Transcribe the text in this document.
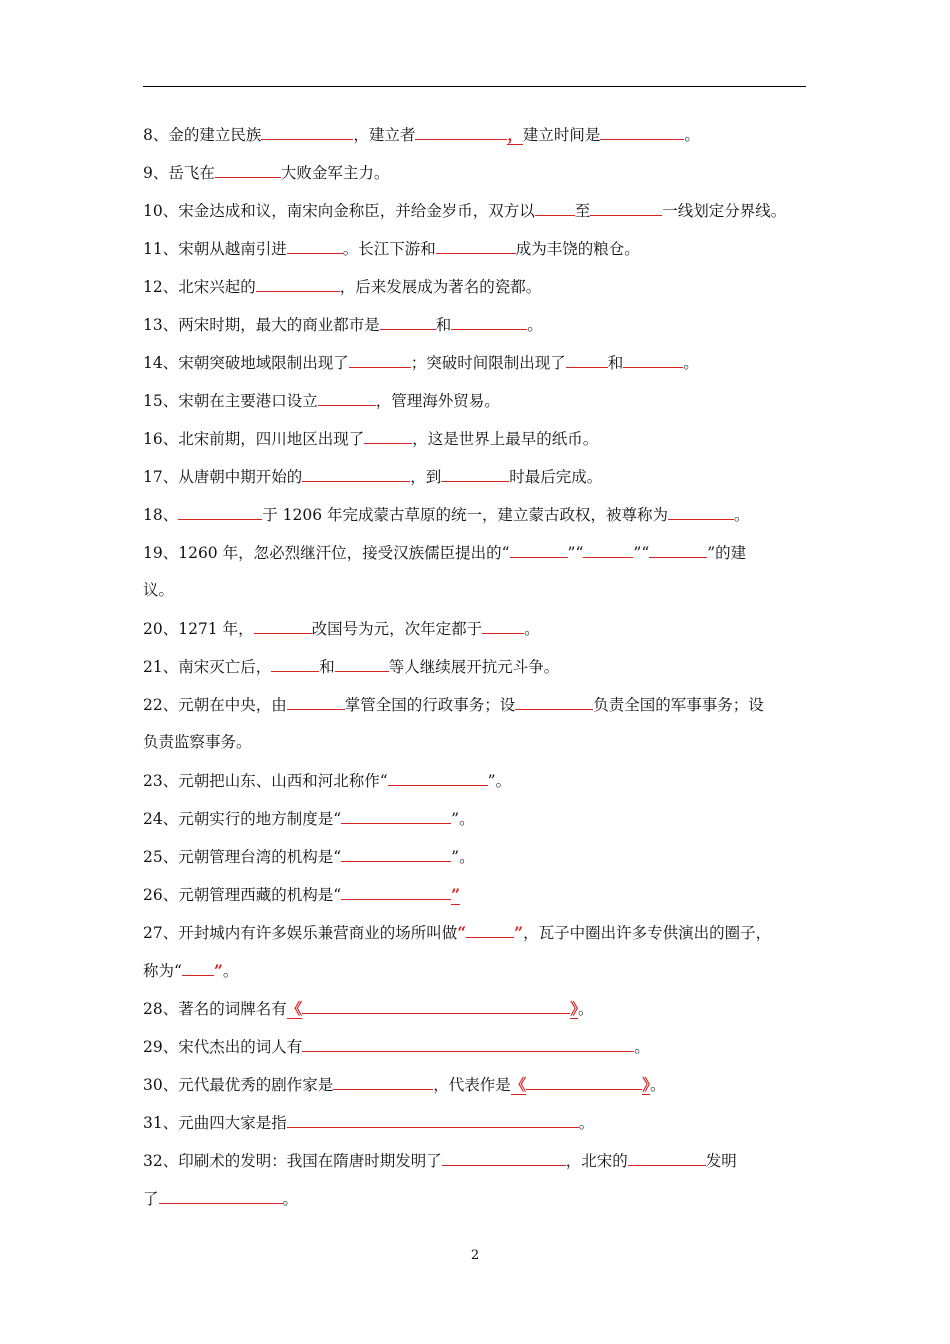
8、金的建立民族	，建立者	，建立时间是	。
9、岳飞在	大败金军主力。
10、宋金达成和议，南宋向金称臣，并给金岁币，双方以	至	一线划定分界线。
11、宋朝从越南引进	。长江下游和	成为丰饶的粮仓。
12、北宋兴起的	，后来发展成为著名的瓷都。
13、两宋时期，最大的商业都市是	和	。
14、宋朝突破地域限制出现了	；突破时间限制出现了	和	。
15、宋朝在主要港口设立	，管理海外贸易。
16、北宋前期，四川地区出现了	，这是世界上最早的纸币。
17、从唐朝中期开始的	，到	时最后完成。
18、	于 1206 年完成蒙古草原的统一，建立蒙古政权，被尊称为	。
19、1260 年，忽必烈继汗位，接受汉族儒臣提出的“	”“	”“	”的建
议。
20、1271 年，	改国号为元，次年定都于	。
21、南宋灭亡后，	和	等人继续展开抗元斗争。
22、元朝在中央，由	掌管全国的行政事务；设	负责全国的军事事务；设
负责监察事务。
23、元朝把山东、山西和河北称作“	”。
24、元朝实行的地方制度是“	”。
25、元朝管理台湾的机构是“	”。
26、元朝管理西藏的机构是“	”
27、开封城内有许多娱乐兼营商业的场所叫做“	”，瓦子中圈出许多专供演出的圈子，
称为“ ”。
28、著名的词牌名有《	》。
29、宋代杰出的词人有	。
30、元代最优秀的剧作家是	，代表作是《	》。
31、元曲四大家是指	。
32、印刷术的发明：我国在隋唐时期发明了	，北宋的	发明
了	。
2
